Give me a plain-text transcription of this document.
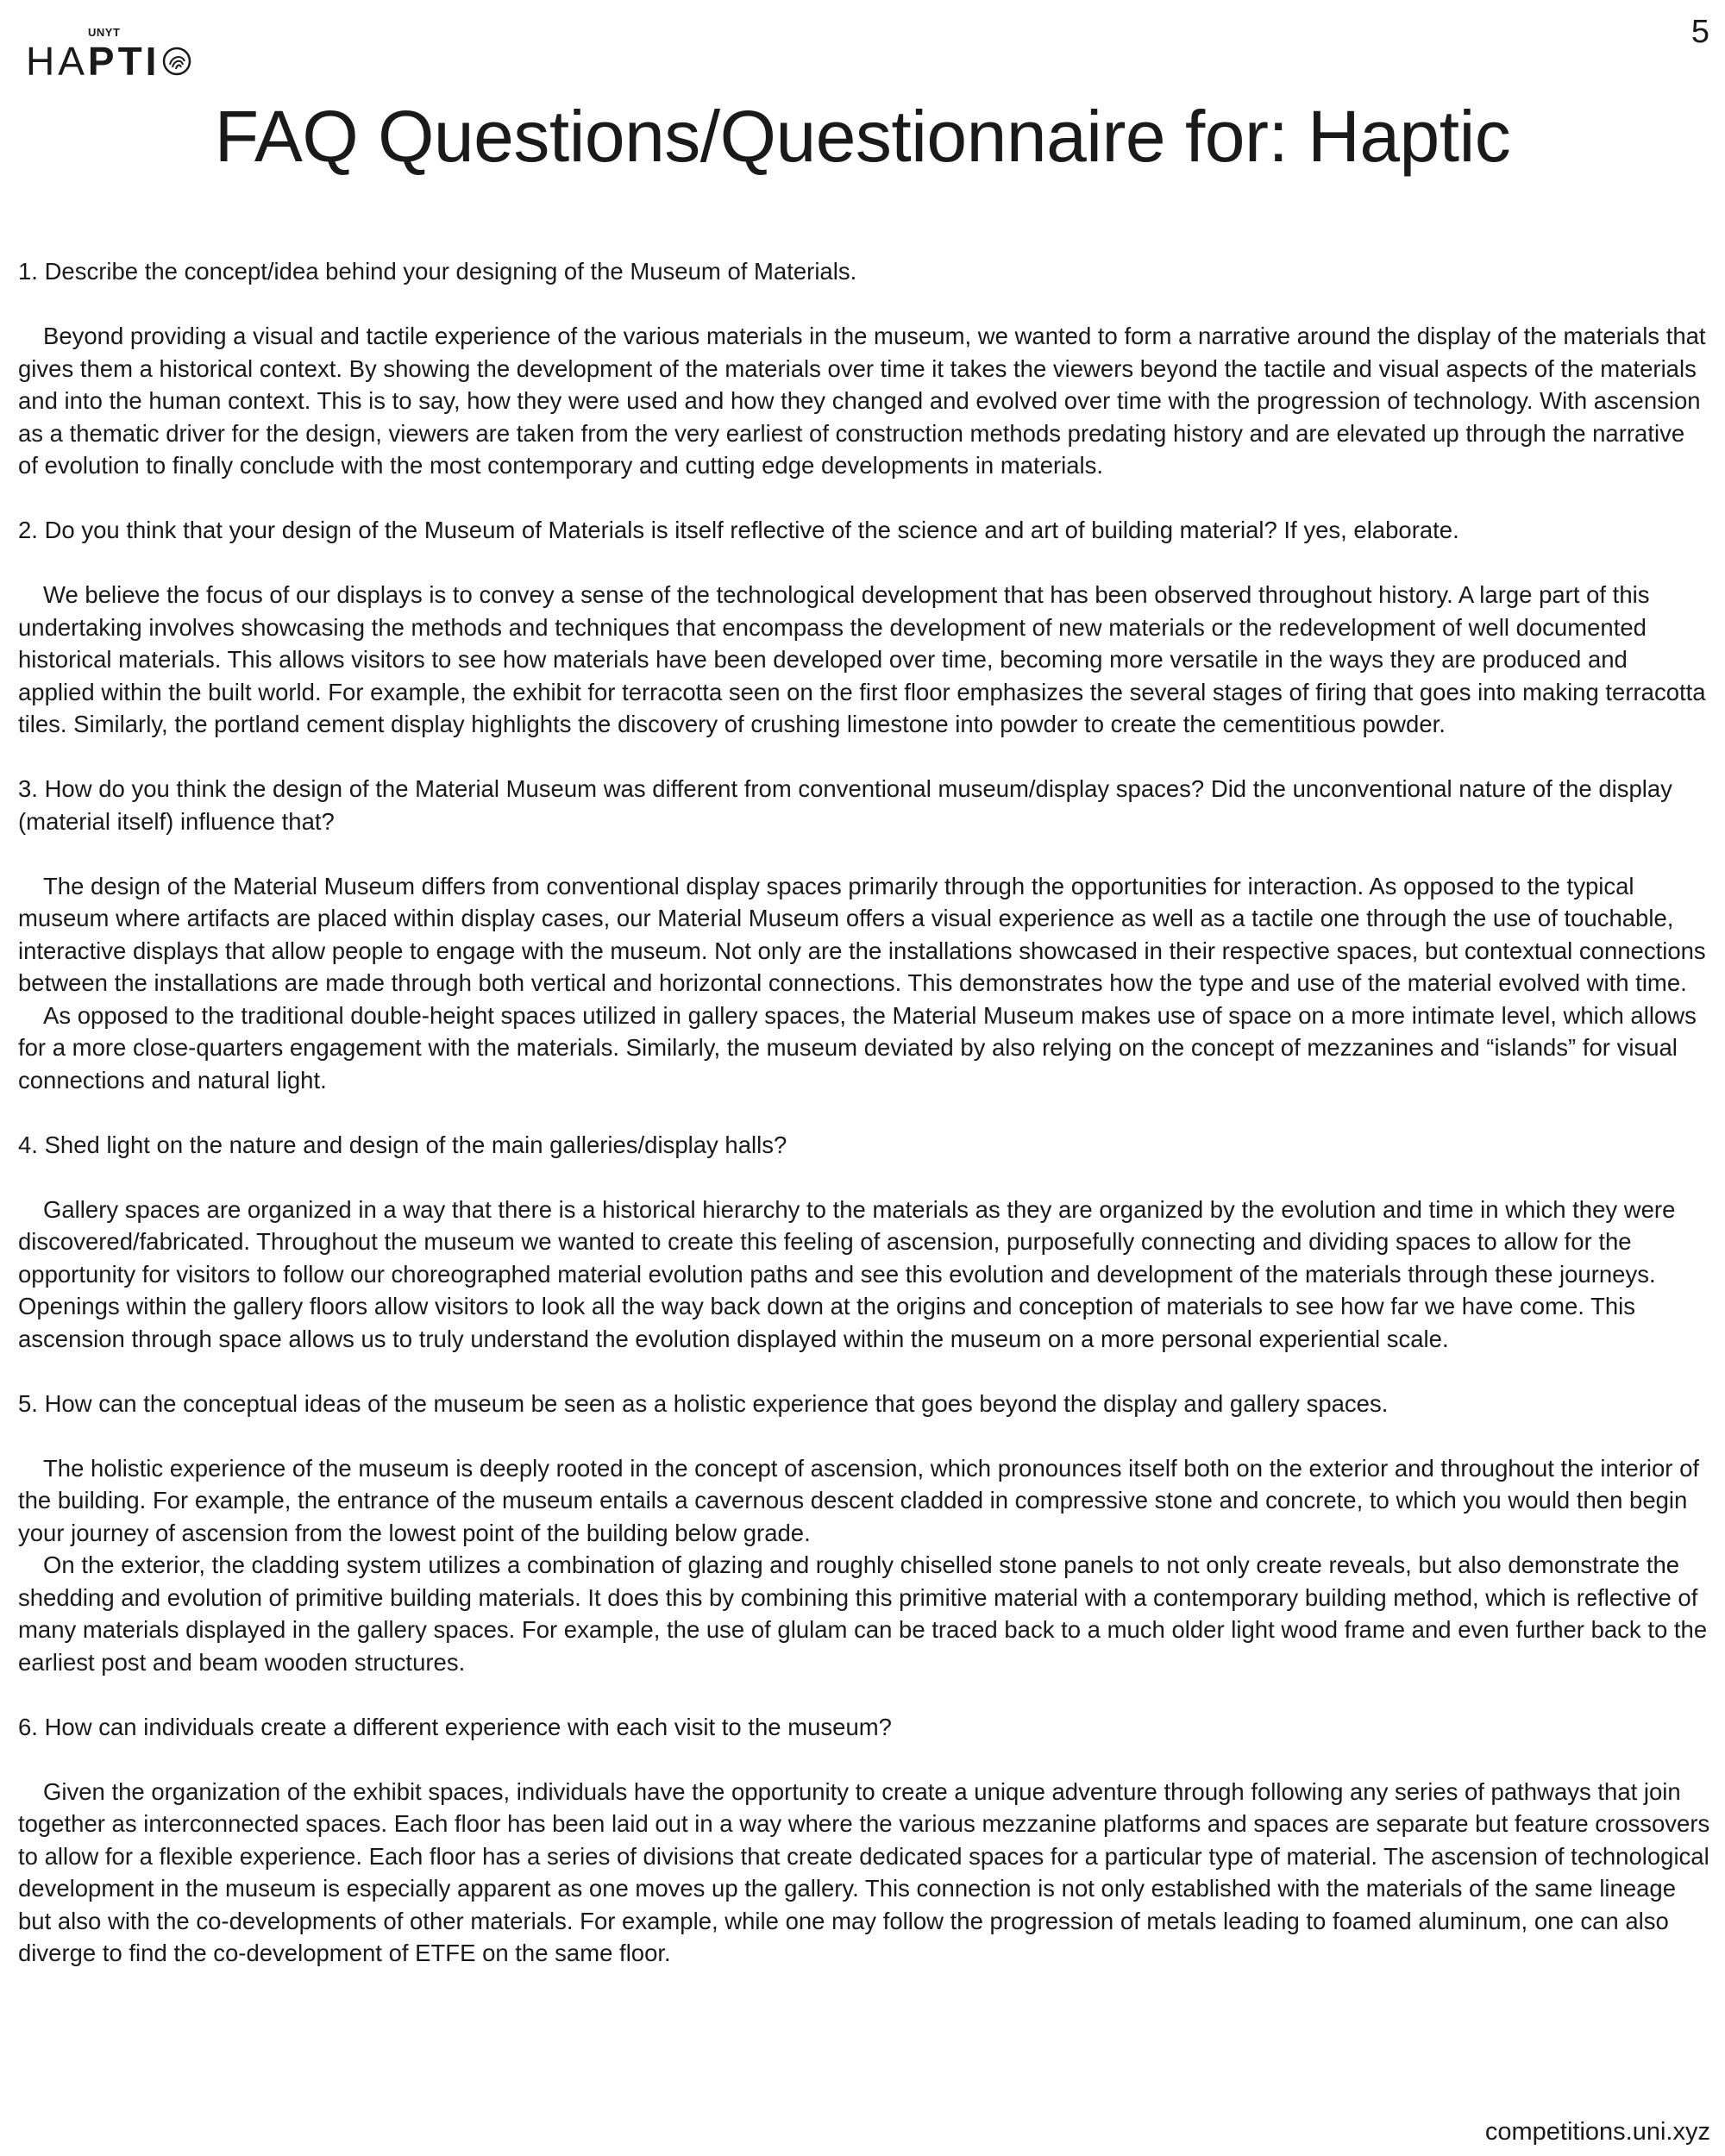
UNYT
HA PTI
5
FAQ Questions/Questionnaire for: Haptic

1. Describe the concept/idea behind your designing of the Museum of Materials.

Beyond providing a visual and tactile experience of the various materials in the museum, we wanted to form a narrative around the display of the materials that gives them a historical context. By showing the development of the materials over time it takes the viewers beyond the tactile and visual aspects of the materials and into the human context. This is to say, how they were used and how they changed and evolved over time with the progression of technology. With ascension as a thematic driver for the design, viewers are taken from the very earliest of construction methods predating history and are elevated up through the narrative of evolution to finally conclude with the most contemporary and cutting edge developments in materials.

2. Do you think that your design of the Museum of Materials is itself reflective of the science and art of building material? If yes, elaborate.

We believe the focus of our displays is to convey a sense of the technological development that has been observed throughout history. A large part of this undertaking involves showcasing the methods and techniques that encompass the development of new materials or the redevelopment of well documented historical materials. This allows visitors to see how materials have been developed over time, becoming more versatile in the ways they are produced and applied within the built world. For example, the exhibit for terracotta seen on the first floor emphasizes the several stages of firing that goes into making terracotta tiles. Similarly, the portland cement display highlights the discovery of crushing limestone into powder to create the cementitious powder.

3. How do you think the design of the Material Museum was different from conventional museum/display spaces? Did the unconventional nature of the display (material itself) influence that?

The design of the Material Museum differs from conventional display spaces primarily through the opportunities for interaction. As opposed to the typical museum where artifacts are placed within display cases, our Material Museum offers a visual experience as well as a tactile one through the use of touchable, interactive displays that allow people to engage with the museum. Not only are the installations showcased in their respective spaces, but contextual connections between the installations are made through both vertical and horizontal connections. This demonstrates how the type and use of the material evolved with time.

As opposed to the traditional double-height spaces utilized in gallery spaces, the Material Museum makes use of space on a more intimate level, which allows for a more close-quarters engagement with the materials. Similarly, the museum deviated by also relying on the concept of mezzanines and “islands” for visual connections and natural light.

4. Shed light on the nature and design of the main galleries/display halls?

Gallery spaces are organized in a way that there is a historical hierarchy to the materials as they are organized by the evolution and time in which they were discovered/fabricated. Throughout the museum we wanted to create this feeling of ascension, purposefully connecting and dividing spaces to allow for the opportunity for visitors to follow our choreographed material evolution paths and see this evolution and development of the materials through these journeys. Openings within the gallery floors allow visitors to look all the way back down at the origins and conception of materials to see how far we have come. This ascension through space allows us to truly understand the evolution displayed within the museum on a more personal experiential scale.

5. How can the conceptual ideas of the museum be seen as a holistic experience that goes beyond the display and gallery spaces.

The holistic experience of the museum is deeply rooted in the concept of ascension, which pronounces itself both on the exterior and throughout the interior of the building. For example, the entrance of the museum entails a cavernous descent cladded in compressive stone and concrete, to which you would then begin your journey of ascension from the lowest point of the building below grade.

On the exterior, the cladding system utilizes a combination of glazing and roughly chiselled stone panels to not only create reveals, but also demonstrate the shedding and evolution of primitive building materials. It does this by combining this primitive material with a contemporary building method, which is reflective of many materials displayed in the gallery spaces. For example, the use of glulam can be traced back to a much older light wood frame and even further back to the earliest post and beam wooden structures.

6. How can individuals create a different experience with each visit to the museum?

Given the organization of the exhibit spaces, individuals have the opportunity to create a unique adventure through following any series of pathways that join together as interconnected spaces. Each floor has been laid out in a way where the various mezzanine platforms and spaces are separate but feature crossovers to allow for a flexible experience. Each floor has a series of divisions that create dedicated spaces for a particular type of material. The ascension of technological development in the museum is especially apparent as one moves up the gallery. This connection is not only established with the materials of the same lineage but also with the co-developments of other materials. For example, while one may follow the progression of metals leading to foamed aluminum, one can also diverge to find the co-development of ETFE on the same floor.

competitions.uni.xyz
